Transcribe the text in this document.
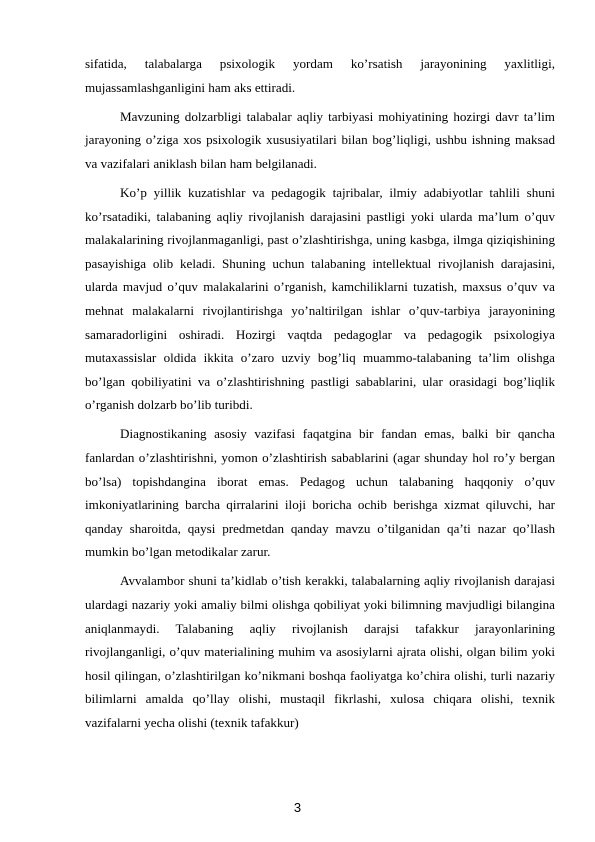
sifatida, talabalarga psixologik yordam ko’rsatish jarayonining yaxlitligi, mujassamlashganligini ham aks ettiradi.

Mavzuning dolzarbligi talabalar aqliy tarbiyasi mohiyatining hozirgi davr ta’lim jarayoning o’ziga xos psixologik xususiyatilari bilan bog’liqligi, ushbu ishning maksad va vazifalari aniklash bilan ham belgilanadi.

Ko’p yillik kuzatishlar va pedagogik tajribalar, ilmiy adabiyotlar tahlili shuni ko’rsatadiki, talabaning aqliy rivojlanish darajasini pastligi yoki ularda ma’lum o’quv malakalarining rivojlanmaganligi, past o’zlashtirishga, uning kasbga, ilmga qiziqishining pasayishiga olib keladi. Shuning uchun talabaning intellektual rivojlanish darajasini, ularda mavjud o’quv malakalarini o’rganish, kamchiliklarni tuzatish, maxsus o’quv va mehnat malakalarni rivojlantirishga yo’naltirilgan ishlar o’quv-tarbiya jarayonining samaradorligini oshiradi. Hozirgi vaqtda pedagoglar va pedagogik psixologiya mutaxassislar oldida ikkita o’zaro uzviy bog’liq muammo-talabaning ta’lim olishga bo’lgan qobiliyatini va o’zlashtirishning pastligi sabablarini, ular orasidagi bog’liqlik o’rganish dolzarb bo’lib turibdi.

Diagnostikaning asosiy vazifasi faqatgina bir fandan emas, balki bir qancha fanlardan o’zlashtirishni, yomon o’zlashtirish sabablarini (agar shunday hol ro’y bergan bo’lsa) topishdangina iborat emas. Pedagog uchun talabaning haqqoniy o’quv imkoniyatlarining barcha qirralarini iloji boricha ochib berishga xizmat qiluvchi, har qanday sharoitda, qaysi predmetdan qanday mavzu o’tilganidan qa’ti nazar qo’llash mumkin bo’lgan metodikalar zarur.

Avvalambor shuni ta’kidlab o’tish kerakki, talabalarning aqliy rivojlanish darajasi ulardagi nazariy yoki amaliy bilmi olishga qobiliyat yoki bilimning mavjudligi bilangina aniqlanmaydi. Talabaning aqliy rivojlanish darajsi tafakkur jarayonlarining rivojlanganligi, o’quv materialining muhim va asosiylarni ajrata olishi, olgan bilim yoki hosil qilingan, o’zlashtirilgan ko’nikmani boshqa faoliyatga ko’chira olishi, turli nazariy bilimlarni amalda qo’llay olishi, mustaqil fikrlashi, xulosa chiqara olishi, texnik vazifalarni yecha olishi (texnik tafakkur)

3
